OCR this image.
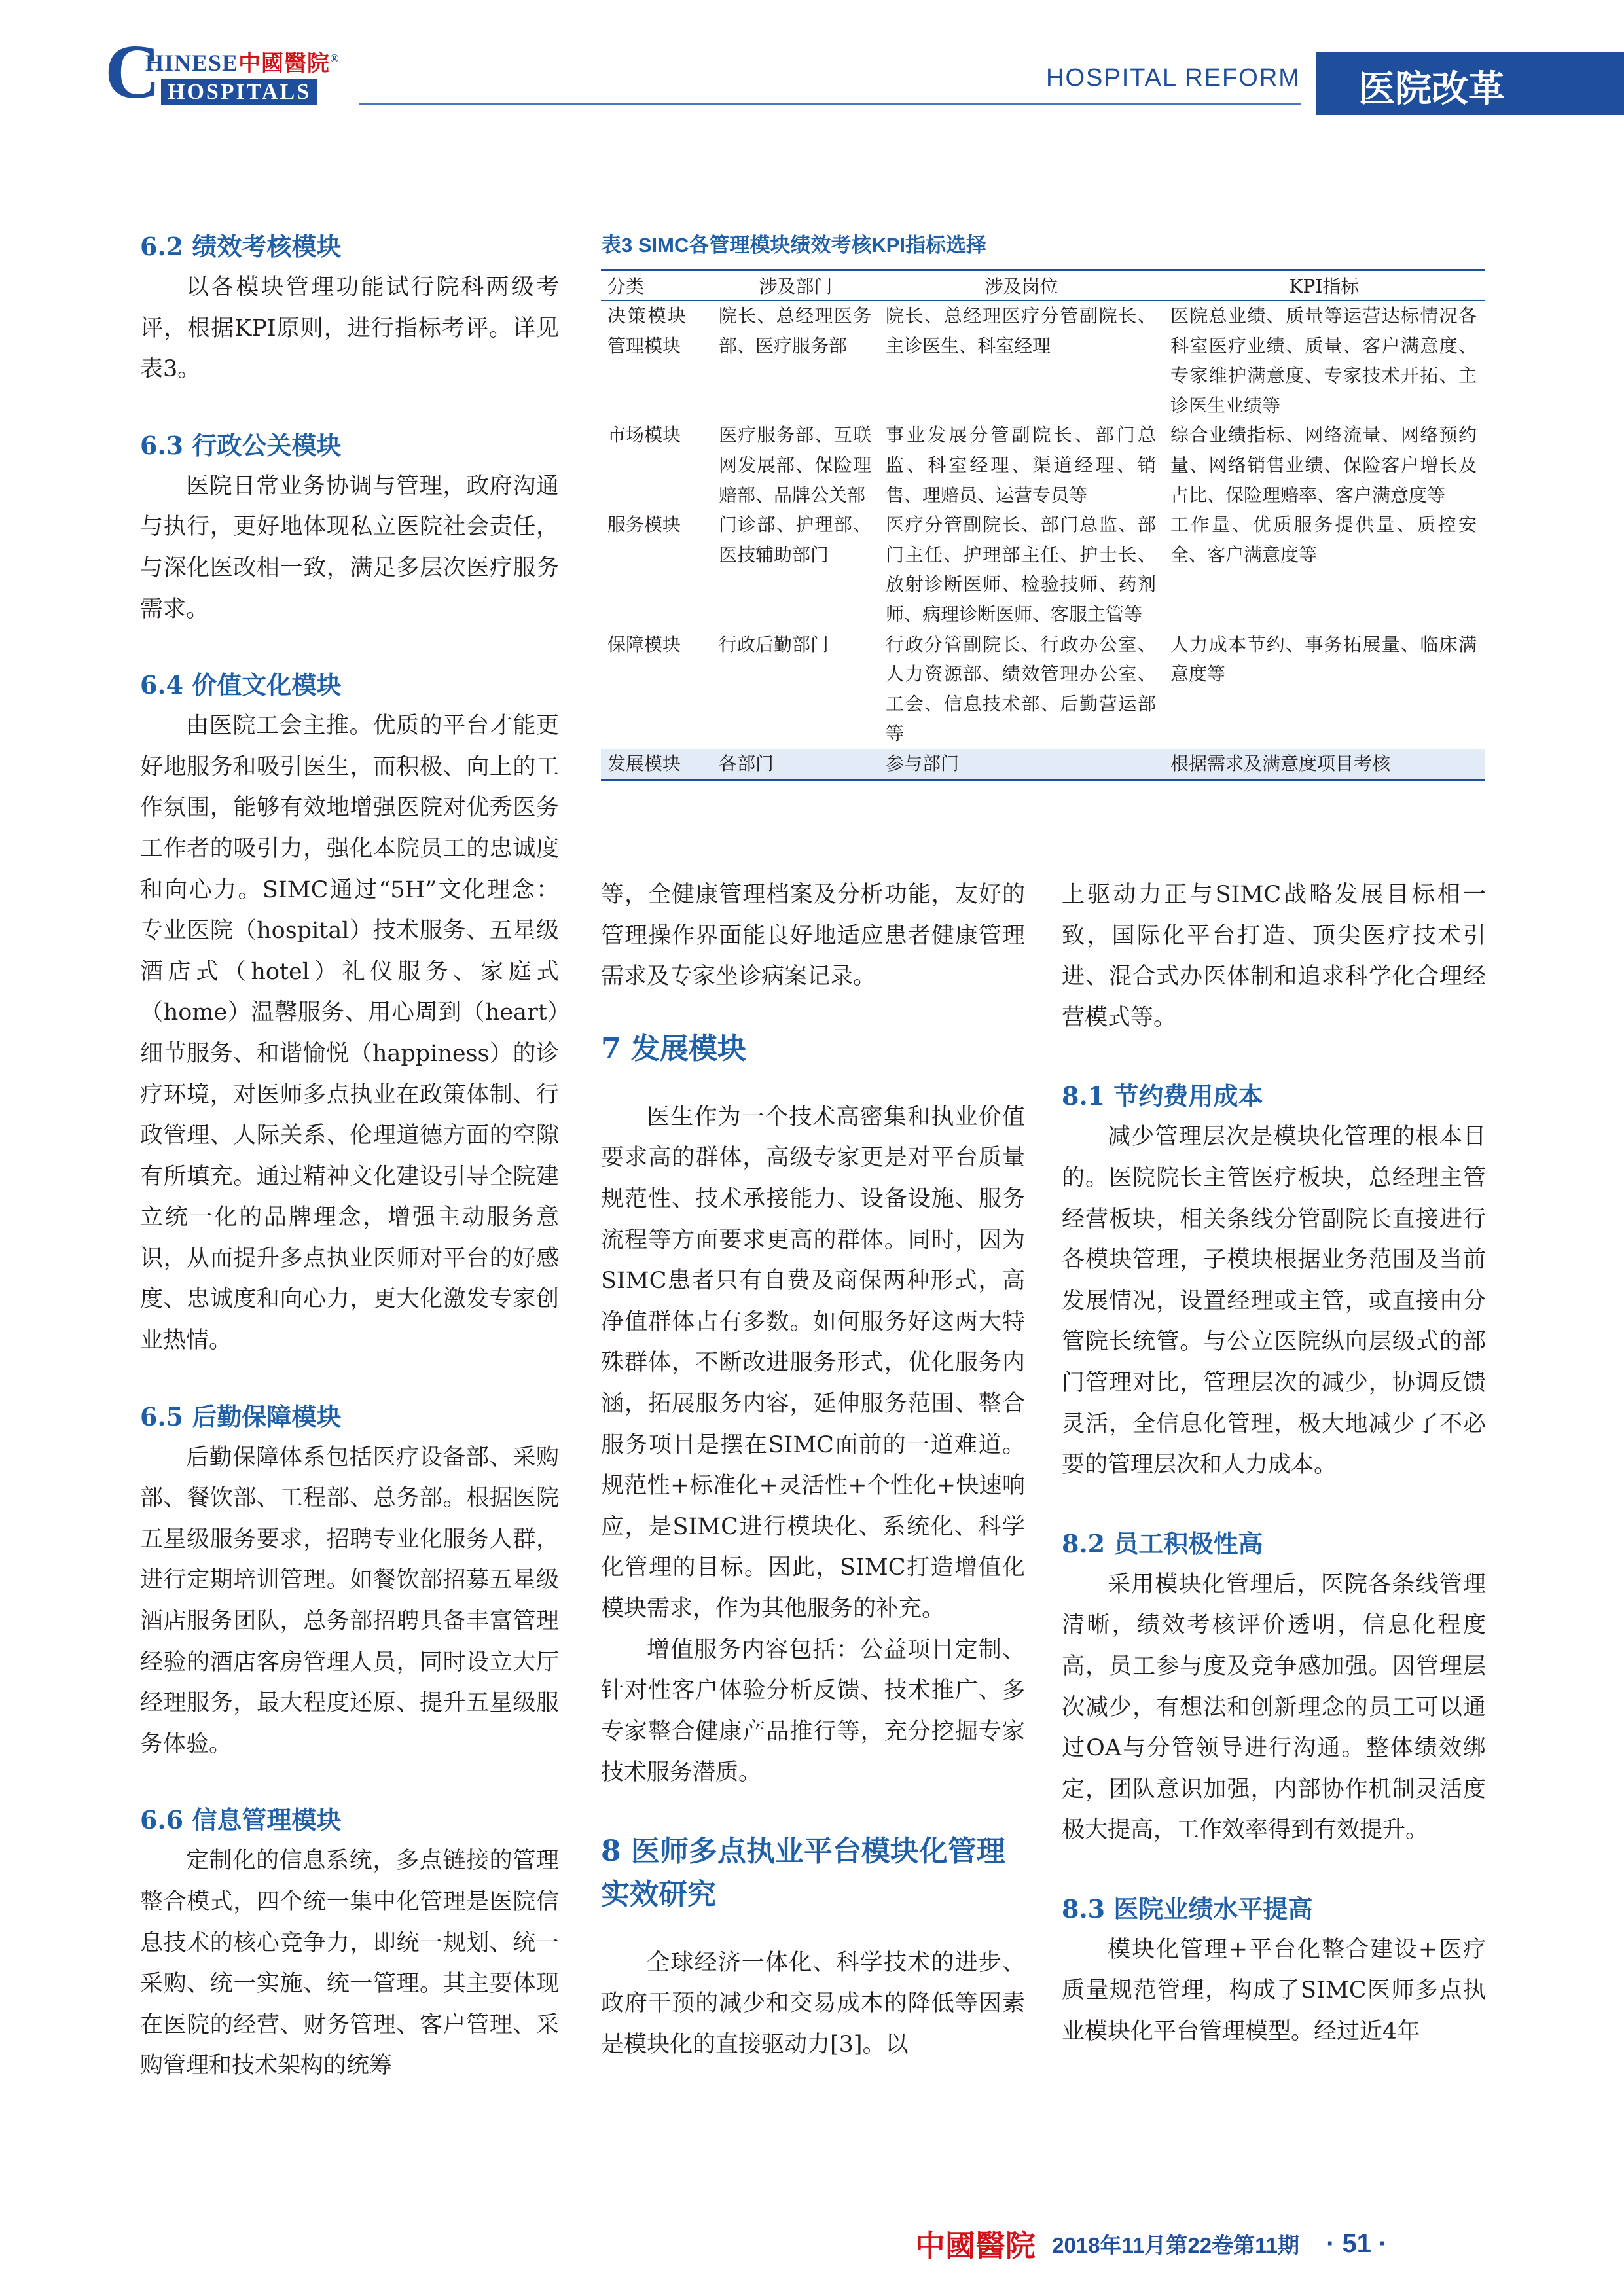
C
HINESE中國醫院®
HOSPITALS
HOSPITAL REFORM 医院改革
6.2 绩效考核模块

以各模块管理功能试行院科两级考评，根据KPI原则，进行指标考评。详见表3。

6.3 行政公关模块

医院日常业务协调与管理，政府沟通与执行，更好地体现私立医院社会责任，与深化医改相一致，满足多层次医疗服务需求。

6.4 价值文化模块

由医院工会主推。优质的平台才能更好地服务和吸引医生，而积极、向上的工作氛围，能够有效地增强医院对优秀医务工作者的吸引力，强化本院员工的忠诚度和向心力。SIMC通过“5H”文化理念：专业医院（hospital）技术服务、五星级酒店式（hotel）礼仪服务、家庭式（home）温馨服务、用心周到（heart）细节服务、和谐愉悦（happiness）的诊疗环境，对医师多点执业在政策体制、行政管理、人际关系、伦理道德方面的空隙有所填充。通过精神文化建设引导全院建立统一化的品牌理念，增强主动服务意识，从而提升多点执业医师对平台的好感度、忠诚度和向心力，更大化激发专家创业热情。

6.5 后勤保障模块

后勤保障体系包括医疗设备部、采购部、餐饮部、工程部、总务部。根据医院五星级服务要求，招聘专业化服务人群，进行定期培训管理。如餐饮部招募五星级酒店服务团队，总务部招聘具备丰富管理经验的酒店客房管理人员，同时设立大厅经理服务，最大程度还原、提升五星级服务体验。

6.6 信息管理模块

定制化的信息系统，多点链接的管理整合模式，四个统一集中化管理是医院信息技术的核心竞争力，即统一规划、统一采购、统一实施、统一管理。其主要体现在医院的经营、财务管理、客户管理、采购管理和技术架构的统筹

表3 SIMC各管理模块绩效考核KPI指标选择
分类	涉及部门	涉及岗位	KPI指标
决策模块管理模块	院长、总经理医务部、医疗服务部	院长、总经理医疗分管副院长、主诊医生、科室经理	医院总业绩、质量等运营达标情况各科室医疗业绩、质量、客户满意度、专家维护满意度、专家技术开拓、主诊医生业绩等
市场模块	医疗服务部、互联网发展部、保险理赔部、品牌公关部	事业发展分管副院长、部门总监、科室经理、渠道经理、销售、理赔员、运营专员等	综合业绩指标、网络流量、网络预约量、网络销售业绩、保险客户增长及占比、保险理赔率、客户满意度等
服务模块	门诊部、护理部、医技辅助部门	医疗分管副院长、部门总监、部门主任、护理部主任、护士长、放射诊断医师、检验技师、药剂师、病理诊断医师、客服主管等	工作量、优质服务提供量、质控安全、客户满意度等
保障模块	行政后勤部门	行政分管副院长、行政办公室、人力资源部、绩效管理办公室、工会、信息技术部、后勤营运部等	人力成本节约、事务拓展量、临床满意度等
发展模块	各部门	参与部门	根据需求及满意度项目考核

等，全健康管理档案及分析功能，友好的管理操作界面能良好地适应患者健康管理需求及专家坐诊病案记录。

7 发展模块

医生作为一个技术高密集和执业价值要求高的群体，高级专家更是对平台质量规范性、技术承接能力、设备设施、服务流程等方面要求更高的群体。同时，因为SIMC患者只有自费及商保两种形式，高净值群体占有多数。如何服务好这两大特殊群体，不断改进服务形式，优化服务内涵，拓展服务内容，延伸服务范围、整合服务项目是摆在SIMC面前的一道难道。规范性+标准化+灵活性+个性化+快速响应，是SIMC进行模块化、系统化、科学化管理的目标。因此，SIMC打造增值化模块需求，作为其他服务的补充。

增值服务内容包括：公益项目定制、针对性客户体验分析反馈、技术推广、多专家整合健康产品推行等，充分挖掘专家技术服务潜质。

8 医师多点执业平台模块化管理实效研究

全球经济一体化、科学技术的进步、政府干预的减少和交易成本的降低等因素是模块化的直接驱动力[3]。以

上驱动力正与SIMC战略发展目标相一致，国际化平台打造、顶尖医疗技术引进、混合式办医体制和追求科学化合理经营模式等。

8.1 节约费用成本

减少管理层次是模块化管理的根本目的。医院院长主管医疗板块，总经理主管经营板块，相关条线分管副院长直接进行各模块管理，子模块根据业务范围及当前发展情况，设置经理或主管，或直接由分管院长统管。与公立医院纵向层级式的部门管理对比，管理层次的减少，协调反馈灵活，全信息化管理，极大地减少了不必要的管理层次和人力成本。

8.2 员工积极性高

采用模块化管理后，医院各条线管理清晰，绩效考核评价透明，信息化程度高，员工参与度及竞争感加强。因管理层次减少，有想法和创新理念的员工可以通过OA与分管领导进行沟通。整体绩效绑定，团队意识加强，内部协作机制灵活度极大提高，工作效率得到有效提升。

8.3 医院业绩水平提高

模块化管理+平台化整合建设+医疗质量规范管理，构成了SIMC医师多点执业模块化平台管理模型。经过近4年

中國醫院 2018年11月第22卷第11期 · 51 ·
